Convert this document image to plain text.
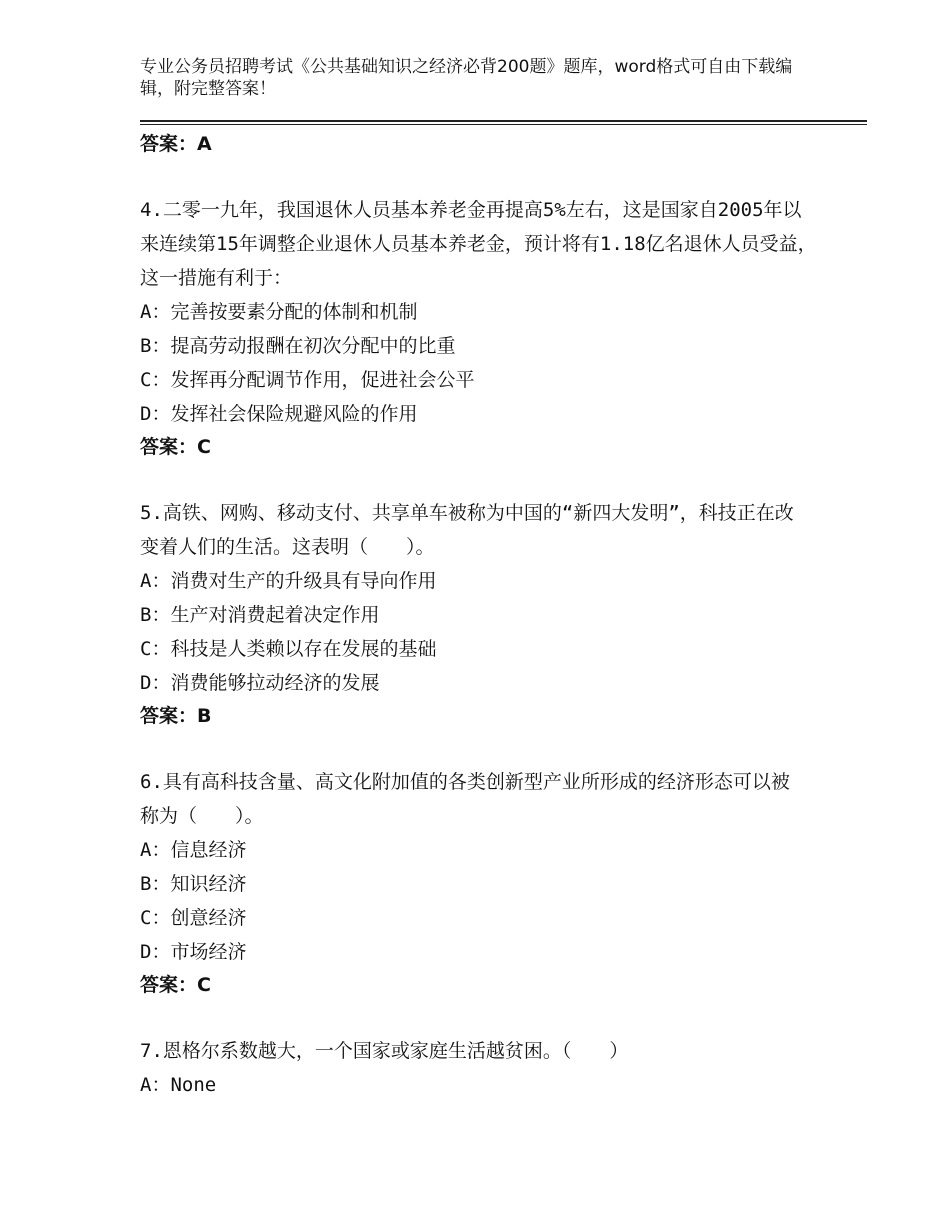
专业公务员招聘考试《公共基础知识之经济必背200题》题库，word格式可自由下载编辑，附完整答案！
答案：A
4.二零一九年，我国退休人员基本养老金再提高5%左右，这是国家自2005年以来连续第15年调整企业退休人员基本养老金，预计将有1.18亿名退休人员受益，这一措施有利于：
A：完善按要素分配的体制和机制
B：提高劳动报酬在初次分配中的比重
C：发挥再分配调节作用，促进社会公平
D：发挥社会保险规避风险的作用
答案：C
5.高铁、网购、移动支付、共享单车被称为中国的“新四大发明”，科技正在改变着人们的生活。这表明（　　）。
A：消费对生产的升级具有导向作用
B：生产对消费起着决定作用
C：科技是人类赖以存在发展的基础
D：消费能够拉动经济的发展
答案：B
6.具有高科技含量、高文化附加值的各类创新型产业所形成的经济形态可以被称为（　　）。
A：信息经济
B：知识经济
C：创意经济
D：市场经济
答案：C
7.恩格尔系数越大，一个国家或家庭生活越贫困。（　　）
A：None
